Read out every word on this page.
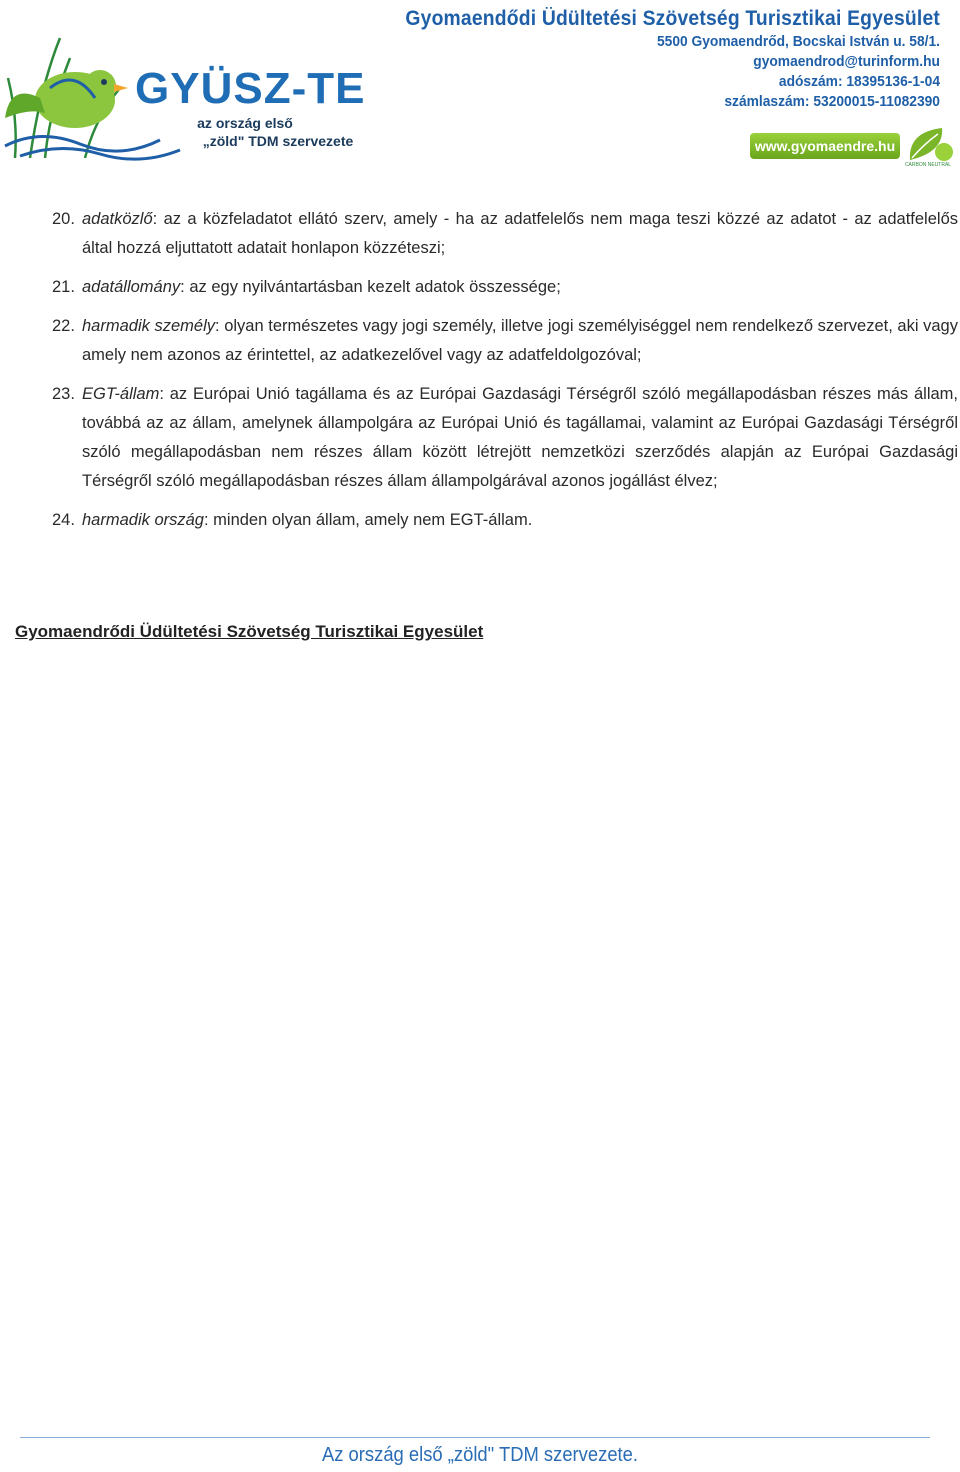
GYÜSZ-TE
az ország első
„zöld" TDM szervezete
Gyomaendődi Üdültetési Szövetség Turisztikai Egyesület
5500 Gyomaendrőd, Bocskai István u. 58/1.
gyomaendrod@turinform.hu
adószám: 18395136-1-04
számlaszám: 53200015-11082390
www.gyomaendre.hu
CARBON NEUTRAL
20. adatközlő: az a közfeladatot ellátó szerv, amely - ha az adatfelelős nem maga teszi közzé az adatot - az adatfelelős által hozzá eljuttatott adatait honlapon közzéteszi;
21. adatállomány: az egy nyilvántartásban kezelt adatok összessége;
22. harmadik személy: olyan természetes vagy jogi személy, illetve jogi személyiséggel nem rendelkező szervezet, aki vagy amely nem azonos az érintettel, az adatkezelővel vagy az adatfeldolgozóval;
23. EGT-állam: az Európai Unió tagállama és az Európai Gazdasági Térségről szóló megállapodásban részes más állam, továbbá az az állam, amelynek állampolgára az Európai Unió és tagállamai, valamint az Európai Gazdasági Térségről szóló megállapodásban nem részes állam között létrejött nemzetközi szerződés alapján az Európai Gazdasági Térségről szóló megállapodásban részes állam állampolgárával azonos jogállást élvez;
24. harmadik ország: minden olyan állam, amely nem EGT-állam.
Gyomaendrődi Üdültetési Szövetség Turisztikai Egyesület
Az ország első „zöld" TDM szervezete.
